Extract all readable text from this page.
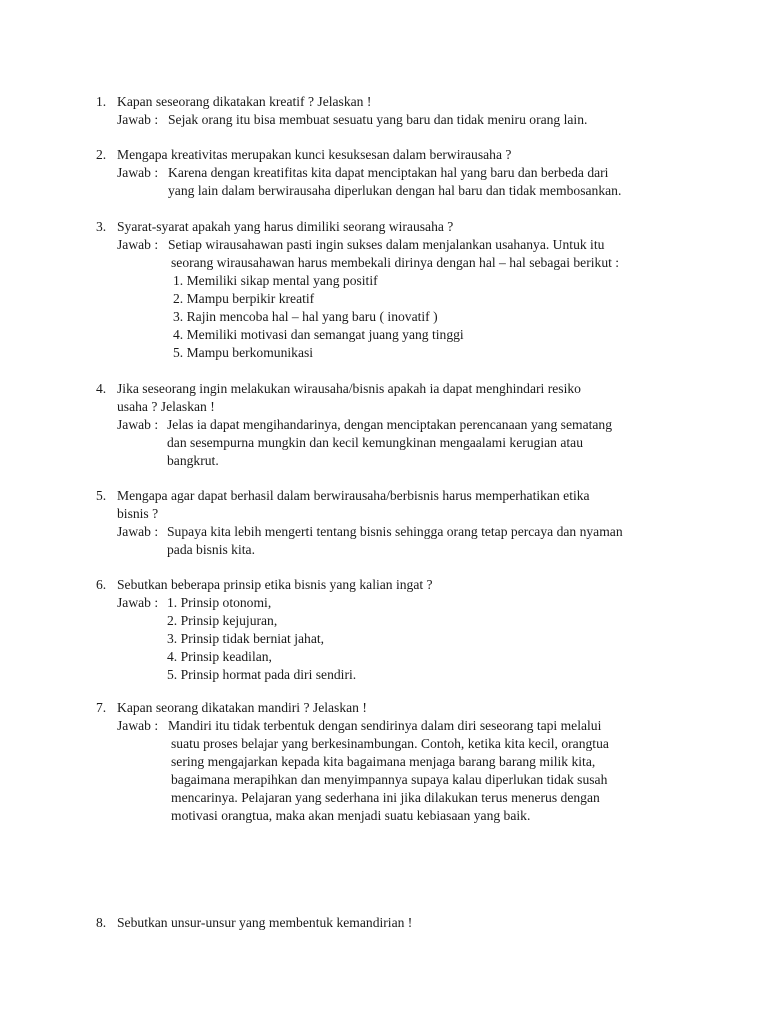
1. Kapan seseorang dikatakan kreatif ? Jelaskan !
Jawab : Sejak orang itu bisa membuat sesuatu yang baru dan tidak meniru orang lain.
2. Mengapa kreativitas merupakan kunci kesuksesan dalam berwirausaha ?
Jawab : Karena dengan kreatifitas kita dapat menciptakan hal yang baru dan berbeda dari
yang lain dalam berwirausaha diperlukan dengan hal baru dan tidak membosankan.
3. Syarat-syarat apakah yang harus dimiliki seorang wirausaha ?
Jawab : Setiap wirausahawan pasti ingin sukses dalam menjalankan usahanya. Untuk itu
seorang wirausahawan harus membekali dirinya dengan hal – hal sebagai berikut :
1. Memiliki sikap mental yang positif
2. Mampu berpikir kreatif
3. Rajin mencoba hal – hal yang baru ( inovatif )
4. Memiliki motivasi dan semangat juang yang tinggi
5. Mampu berkomunikasi
4. Jika seseorang ingin melakukan wirausaha/bisnis apakah ia dapat menghindari resiko
usaha ? Jelaskan !
Jawab : Jelas ia dapat mengihandarinya, dengan menciptakan perencanaan yang sematang
dan sesempurna mungkin dan kecil kemungkinan mengaalami kerugian atau
bangkrut.
5. Mengapa agar dapat berhasil dalam berwirausaha/berbisnis harus memperhatikan etika
bisnis ?
Jawab : Supaya kita lebih mengerti tentang bisnis sehingga orang tetap percaya dan nyaman
pada bisnis kita.
6. Sebutkan beberapa prinsip etika bisnis yang kalian ingat ?
Jawab : 1. Prinsip otonomi,
2. Prinsip kejujuran,
3. Prinsip tidak berniat jahat,
4. Prinsip keadilan,
5. Prinsip hormat pada diri sendiri.
7. Kapan seorang dikatakan mandiri ? Jelaskan !
Jawab : Mandiri itu tidak terbentuk dengan sendirinya dalam diri seseorang tapi melalui
suatu proses belajar yang berkesinambungan. Contoh, ketika kita kecil, orangtua
sering mengajarkan kepada kita bagaimana menjaga barang barang milik kita,
bagaimana merapihkan dan menyimpannya supaya kalau diperlukan tidak susah
mencarinya. Pelajaran yang sederhana ini jika dilakukan terus menerus dengan
motivasi orangtua, maka akan menjadi suatu kebiasaan yang baik.
8. Sebutkan unsur-unsur yang membentuk kemandirian !
